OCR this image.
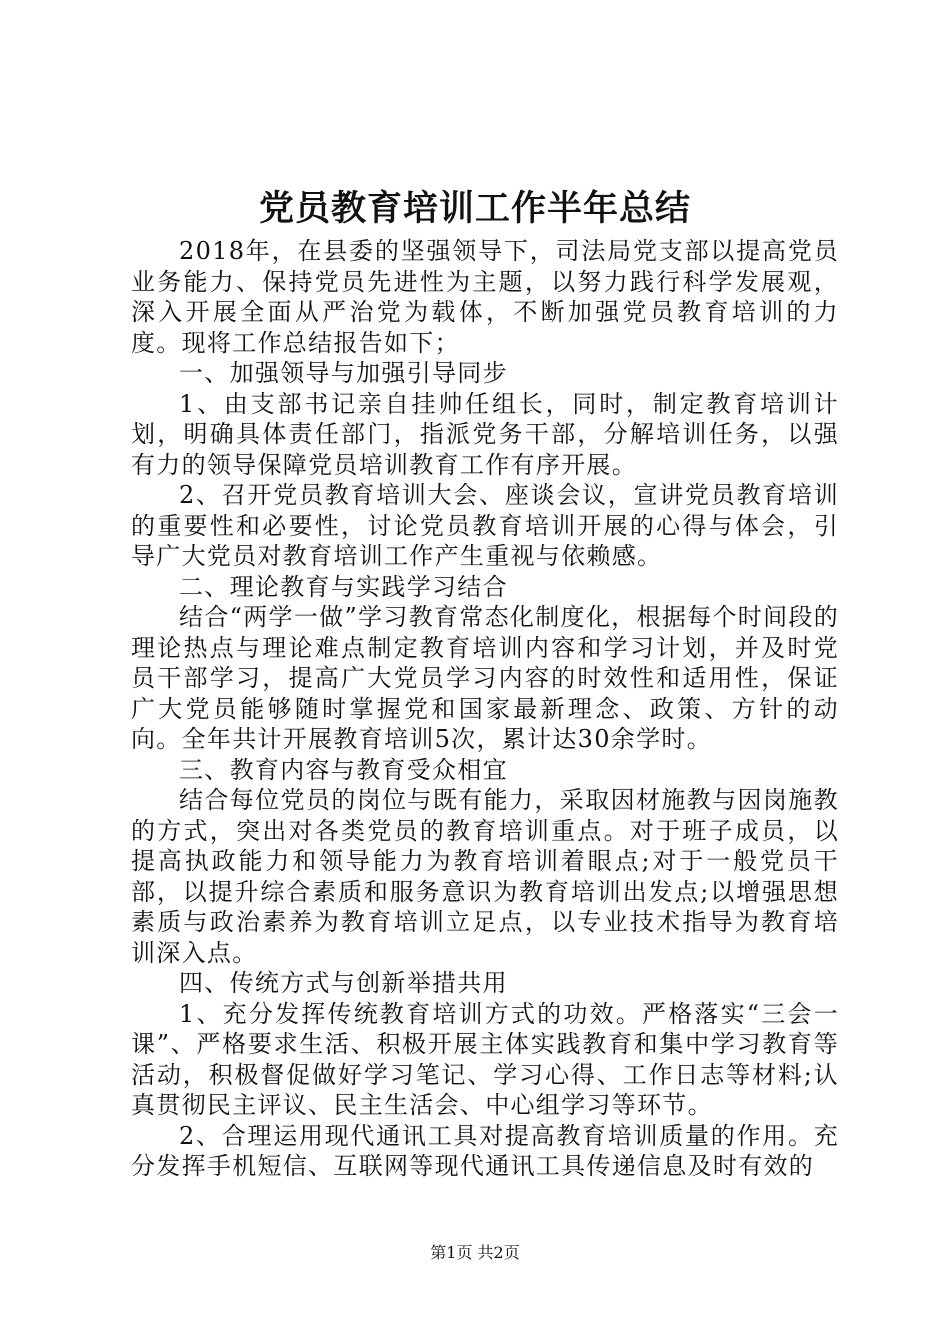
党员教育培训工作半年总结

2018年，在县委的坚强领导下，司法局党支部以提高党员业务能力、保持党员先进性为主题，以努力践行科学发展观，深入开展全面从严治党为载体，不断加强党员教育培训的力度。现将工作总结报告如下；

一、加强领导与加强引导同步

1、由支部书记亲自挂帅任组长，同时，制定教育培训计划，明确具体责任部门，指派党务干部，分解培训任务，以强有力的领导保障党员培训教育工作有序开展。

2、召开党员教育培训大会、座谈会议，宣讲党员教育培训的重要性和必要性，讨论党员教育培训开展的心得与体会，引导广大党员对教育培训工作产生重视与依赖感。

二、理论教育与实践学习结合

结合“两学一做”学习教育常态化制度化，根据每个时间段的理论热点与理论难点制定教育培训内容和学习计划，并及时党员干部学习，提高广大党员学习内容的时效性和适用性，保证广大党员能够随时掌握党和国家最新理念、政策、方针的动向。全年共计开展教育培训5次，累计达30余学时。

三、教育内容与教育受众相宜

结合每位党员的岗位与既有能力，采取因材施教与因岗施教的方式，突出对各类党员的教育培训重点。对于班子成员，以提高执政能力和领导能力为教育培训着眼点;对于一般党员干部，以提升综合素质和服务意识为教育培训出发点;以增强思想素质与政治素养为教育培训立足点，以专业技术指导为教育培训深入点。

四、传统方式与创新举措共用

1、充分发挥传统教育培训方式的功效。严格落实“三会一课”、严格要求生活、积极开展主体实践教育和集中学习教育等活动，积极督促做好学习笔记、学习心得、工作日志等材料;认真贯彻民主评议、民主生活会、中心组学习等环节。

2、合理运用现代通讯工具对提高教育培训质量的作用。充分发挥手机短信、互联网等现代通讯工具传递信息及时有效的

第1页 共2页
